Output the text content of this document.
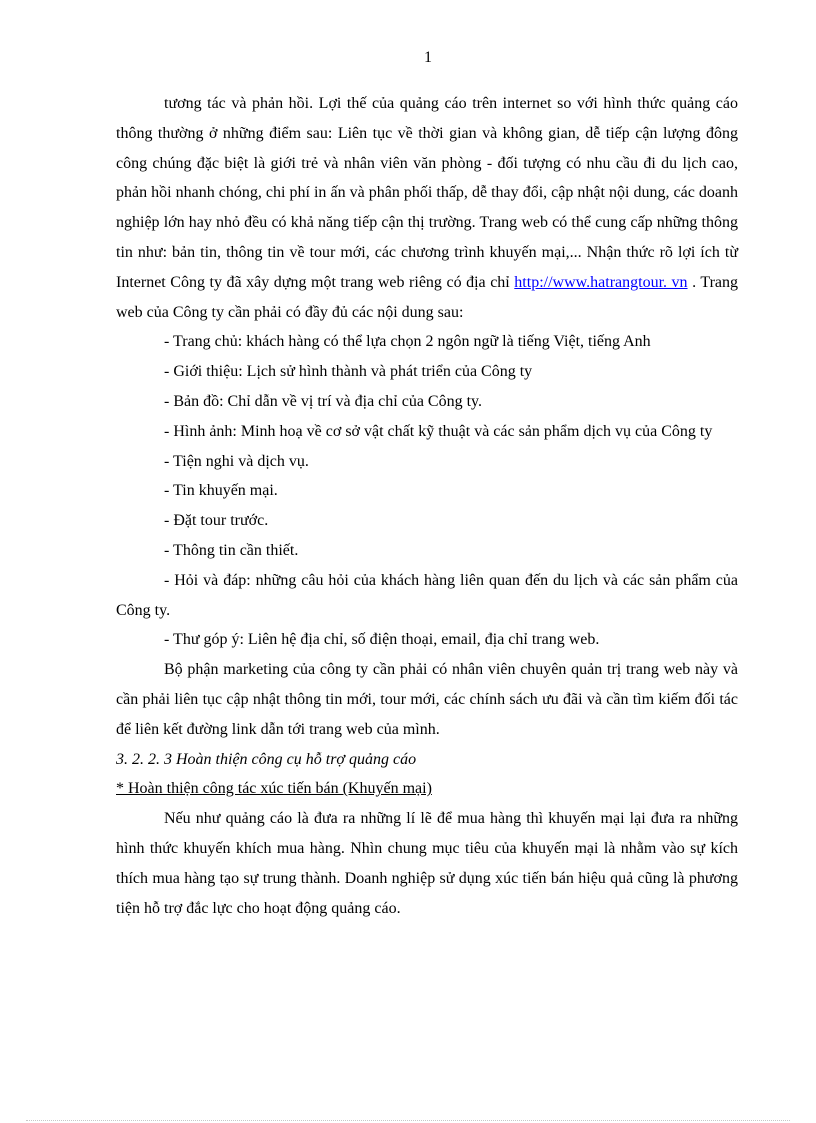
1

tương tác và phản hồi. Lợi thế của quảng cáo trên internet so với hình thức quảng cáo thông thường ở những điểm sau: Liên tục về thời gian và không gian, dễ tiếp cận lượng đông công chúng đặc biệt là giới trẻ và nhân viên văn phòng - đối tượng có nhu cầu đi du lịch cao, phản hồi nhanh chóng, chi phí in ấn và phân phối thấp, dễ thay đổi, cập nhật nội dung, các doanh nghiệp lớn hay nhỏ đều có khả năng tiếp cận thị trường. Trang web có thể cung cấp những thông tin như: bản tin, thông tin về tour mới, các chương trình khuyến mại,... Nhận thức rõ lợi ích từ Internet Công ty đã xây dựng một trang web riêng có địa chỉ http://www.hatrangtour. vn . Trang web của Công ty cần phải có đầy đủ các nội dung sau:

- Trang chủ: khách hàng có thể lựa chọn 2 ngôn ngữ là tiếng Việt, tiếng Anh

- Giới thiệu: Lịch sử hình thành và phát triển của Công ty

- Bản đồ: Chỉ dẫn về vị trí và địa chỉ của Công ty.

- Hình ảnh: Minh hoạ về cơ sở vật chất kỹ thuật và các sản phẩm dịch vụ của Công ty

- Tiện nghi và dịch vụ.

- Tin khuyến mại.

- Đặt tour trước.

- Thông tin cần thiết.

- Hỏi và đáp: những câu hỏi của khách hàng liên quan đến du lịch và các sản phẩm của Công ty.

- Thư góp ý: Liên hệ địa chỉ, số điện thoại, email, địa chỉ trang web.

Bộ phận marketing của công ty cần phải có nhân viên chuyên quản trị trang web này và cần phải liên tục cập nhật thông tin mới, tour mới, các chính sách ưu đãi và cần tìm kiếm đối tác để liên kết đường link dẫn tới trang web của mình.

3. 2. 2. 3 Hoàn thiện công cụ hỗ trợ quảng cáo

* Hoàn thiện công tác xúc tiến bán (Khuyến mại)

Nếu như quảng cáo là đưa ra những lí lẽ để mua hàng thì khuyến mại lại đưa ra những hình thức khuyến khích mua hàng. Nhìn chung mục tiêu của khuyến mại là nhằm vào sự kích thích mua hàng tạo sự trung thành. Doanh nghiệp sử dụng xúc tiến bán hiệu quả cũng là phương tiện hỗ trợ đắc lực cho hoạt động quảng cáo.
